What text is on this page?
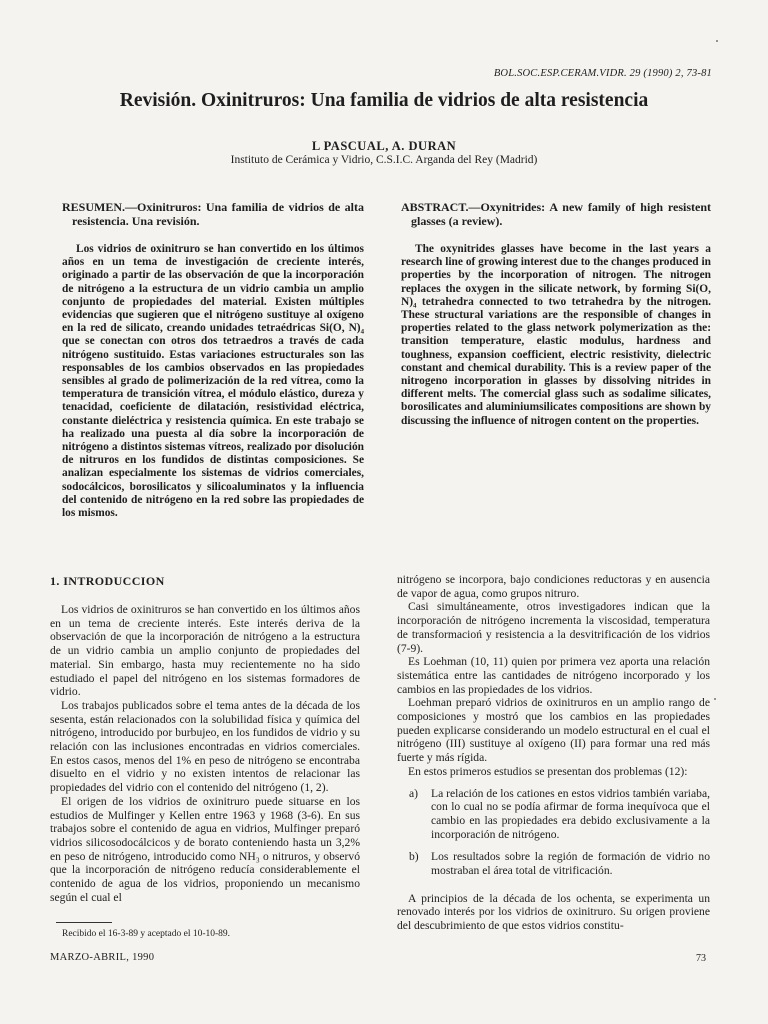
BOL.SOC.ESP.CERAM.VIDR. 29 (1990) 2, 73-81
Revisión. Oxinitruros: Una familia de vidrios de alta resistencia
L PASCUAL, A. DURAN
Instituto de Cerámica y Vidrio, C.S.I.C. Arganda del Rey (Madrid)

RESUMEN.—Oxinitruros: Una familia de vidrios de alta resistencia. Una revisión.

Los vidrios de oxinitruro se han convertido en los últimos años en un tema de investigación de creciente interés, originado a partir de las observación de que la incorporación de nitrógeno a la estructura de un vidrio cambia un amplio conjunto de propiedades del material. Existen múltiples evidencias que sugieren que el nitrógeno sustituye al oxígeno en la red de silicato, creando unidades tetraédricas Si(O, N)₄ que se conectan con otros dos tetraedros a través de cada nitrógeno sustituido. Estas variaciones estructurales son las responsables de los cambios observados en las propiedades sensibles al grado de polimerización de la red vítrea, como la temperatura de transición vítrea, el módulo elástico, dureza y tenacidad, coeficiente de dilatación, resistividad eléctrica, constante dieléctrica y resistencia química. En este trabajo se ha realizado una puesta al día sobre la incorporación de nitrógeno a distintos sistemas vítreos, realizado por disolución de nitruros en los fundidos de distintas composiciones. Se analizan especialmente los sistemas de vidrios comerciales, sodocálcicos, borosilicatos y silicoaluminatos y la influencia del contenido de nitrógeno en la red sobre las propiedades de los mismos.

ABSTRACT.—Oxynitrides: A new family of high resistent glasses (a review).

The oxynitrides glasses have become in the last years a research line of growing interest due to the changes produced in properties by the incorporation of nitrogen. The nitrogen replaces the oxygen in the silicate network, by forming Si(O, N)₄ tetrahedra connected to two tetrahedra by the nitrogen. These structural variations are the responsible of changes in properties related to the glass network polymerization as the: transition temperature, elastic modulus, hardness and toughness, expansion coefficient, electric resistivity, dielectric constant and chemical durability. This is a review paper of the nitrogeno incorporation in glasses by dissolving nitrides in different melts. The comercial glass such as sodalime silicates, borosilicates and aluminiumsilicates compositions are shown by discussing the influence of nitrogen content on the properties.

1. INTRODUCCION

Los vidrios de oxinitruros se han convertido en los últimos años en un tema de creciente interés. Este interés deriva de la observación de que la incorporación de nitrógeno a la estructura de un vidrio cambia un amplio conjunto de propiedades del material. Sin embargo, hasta muy recientemente no ha sido estudiado el papel del nitrógeno en los sistemas formadores de vidrio.

Los trabajos publicados sobre el tema antes de la década de los sesenta, están relacionados con la solubilidad física y química del nitrógeno, introducido por burbujeo, en los fundidos de vidrio y su relación con las inclusiones encontradas en vidrios comerciales. En estos casos, menos del 1% en peso de nitrógeno se encontraba disuelto en el vidrio y no existen intentos de relacionar las propiedades del vidrio con el contenido del nitrógeno (1, 2).

El origen de los vidrios de oxinitruro puede situarse en los estudios de Mulfinger y Kellen entre 1963 y 1968 (3-6). En sus trabajos sobre el contenido de agua en vidrios, Mulfinger preparó vidrios silicosodocálcicos y de borato conteniendo hasta un 3,2% en peso de nitrógeno, introducido como NH₃ o nitruros, y observó que la incorporación de nitrógeno reducía considerablemente el contenido de agua de los vidrios, proponiendo un mecanismo según el cual el

nitrógeno se incorpora, bajo condiciones reductoras y en ausencia de vapor de agua, como grupos nitruro.

Casi simultáneamente, otros investigadores indican que la incorporación de nitrógeno incrementa la viscosidad, temperatura de transformacioń y resistencia a la desvitrificación de los vidrios (7-9).

Es Loehman (10, 11) quien por primera vez aporta una relación sistemática entre las cantidades de nitrógeno incorporado y los cambios en las propiedades de los vidrios.

Loehman preparó vidrios de oxinitruros en un amplio rango de composiciones y mostró que los cambios en las propiedades pueden explicarse considerando un modelo estructural en el cual el nitrógeno (III) sustituye al oxígeno (II) para formar una red más fuerte y más rígida.

En estos primeros estudios se presentan dos problemas (12):

a) La relación de los cationes en estos vidrios también variaba, con lo cual no se podía afirmar de forma inequívoca que el cambio en las propiedades era debido exclusivamente a la incorporación de nitrógeno.
b) Los resultados sobre la región de formación de vidrio no mostraban el área total de vitrificación.

A principios de la década de los ochenta, se experimenta un renovado interés por los vidrios de oxinitruro. Su origen proviene del descubrimiento de que estos vidrios constitu-

Recibido el 16-3-89 y aceptado el 10-10-89.
MARZO-ABRIL, 1990	73
